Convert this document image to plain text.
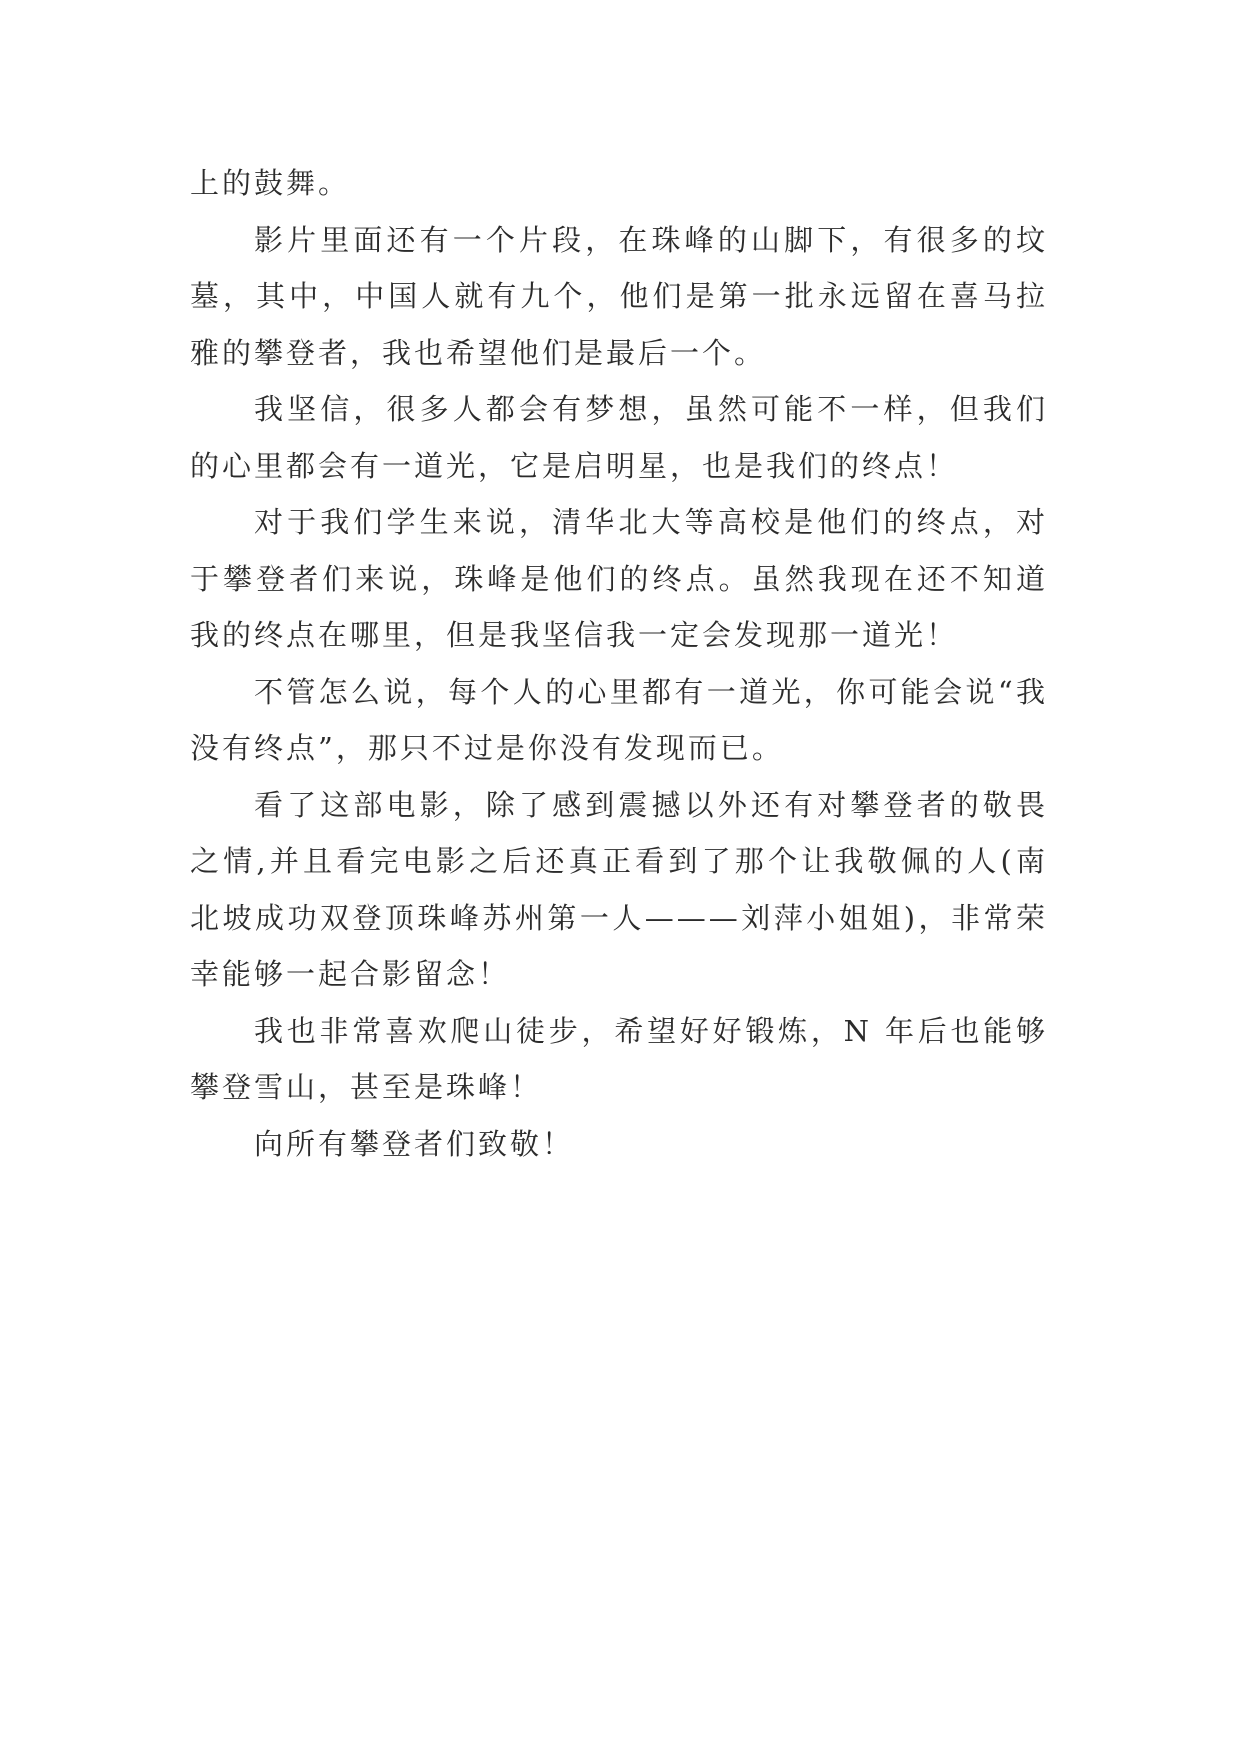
上的鼓舞。

影片里面还有一个片段，在珠峰的山脚下，有很多的坟墓，其中，中国人就有九个，他们是第一批永远留在喜马拉雅的攀登者，我也希望他们是最后一个。

我坚信，很多人都会有梦想，虽然可能不一样，但我们的心里都会有一道光，它是启明星，也是我们的终点！

对于我们学生来说，清华北大等高校是他们的终点，对于攀登者们来说，珠峰是他们的终点。虽然我现在还不知道我的终点在哪里，但是我坚信我一定会发现那一道光！

不管怎么说，每个人的心里都有一道光，你可能会说“我没有终点”，那只不过是你没有发现而已。

看了这部电影，除了感到震撼以外还有对攀登者的敬畏之情,并且看完电影之后还真正看到了那个让我敬佩的人(南北坡成功双登顶珠峰苏州第一人———刘萍小姐姐)，非常荣幸能够一起合影留念！

我也非常喜欢爬山徒步，希望好好锻炼，N 年后也能够攀登雪山，甚至是珠峰！

向所有攀登者们致敬！
